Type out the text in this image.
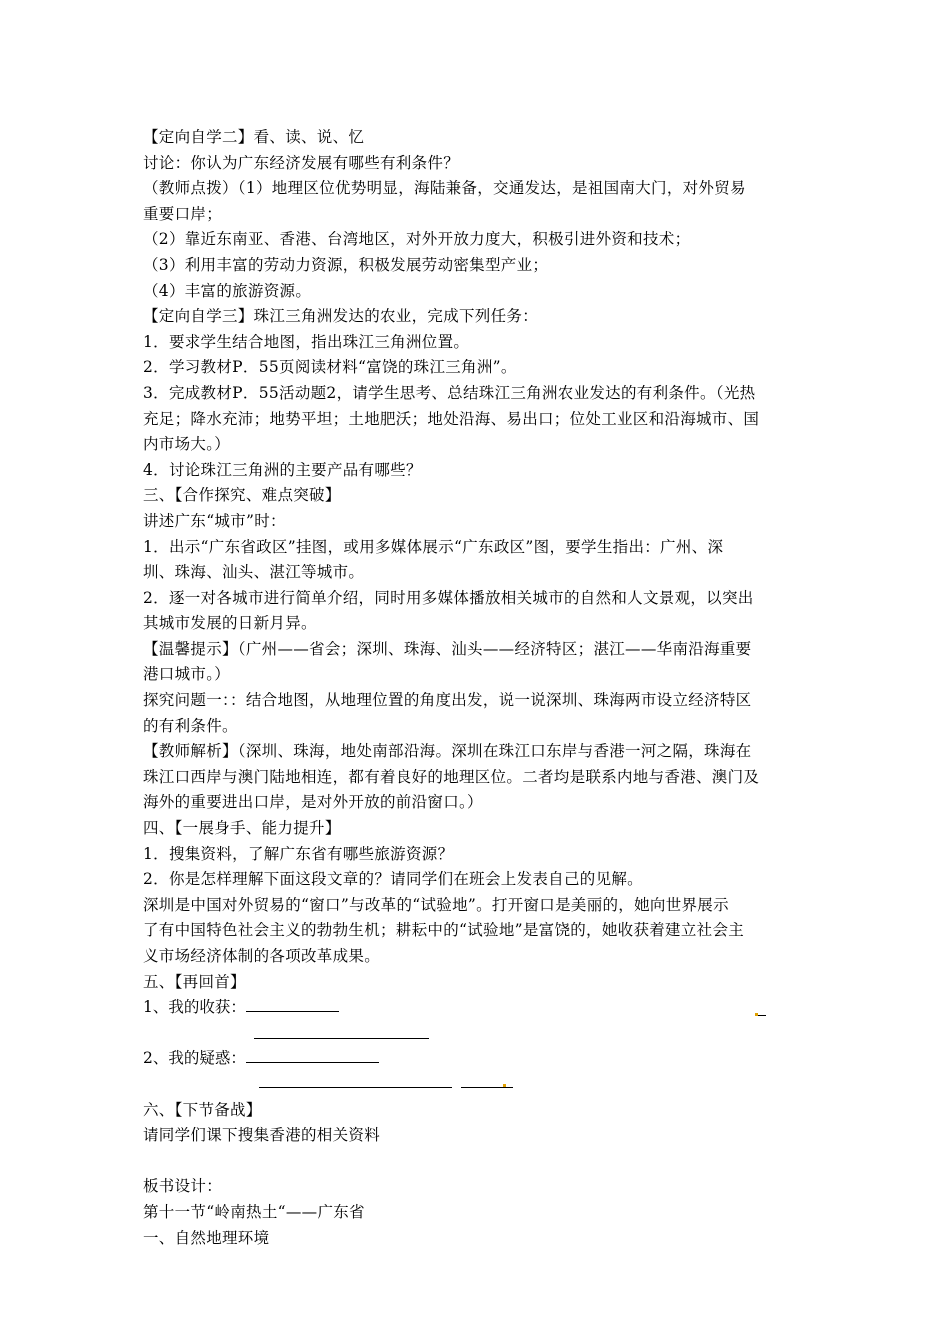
【定向自学二】看、读、说、忆
讨论：你认为广东经济发展有哪些有利条件？
（教师点拨）（1）地理区位优势明显，海陆兼备，交通发达，是祖国南大门，对外贸易
重要口岸；
（2）靠近东南亚、香港、台湾地区，对外开放力度大，积极引进外资和技术；
（3）利用丰富的劳动力资源，积极发展劳动密集型产业；
（4）丰富的旅游资源。
【定向自学三】珠江三角洲发达的农业，完成下列任务：
1．要求学生结合地图，指出珠江三角洲位置。
2．学习教材P．55页阅读材料“富饶的珠江三角洲”。
3．完成教材P．55活动题2，请学生思考、总结珠江三角洲农业发达的有利条件。（光热
充足；降水充沛；地势平坦；土地肥沃；地处沿海、易出口；位处工业区和沿海城市、国
内市场大。）
4．讨论珠江三角洲的主要产品有哪些？
三、【合作探究、难点突破】
讲述广东“城市”时：
1．出示“广东省政区”挂图，或用多媒体展示“广东政区”图，要学生指出：广州、深
圳、珠海、汕头、湛江等城市。
2．逐一对各城市进行简单介绍，同时用多媒体播放相关城市的自然和人文景观，以突出
其城市发展的日新月异。
【温馨提示】（广州——省会；深圳、珠海、汕头——经济特区；湛江——华南沿海重要
港口城市。）
探究问题一：：结合地图，从地理位置的角度出发，说一说深圳、珠海两市设立经济特区
的有利条件。
【教师解析】（深圳、珠海，地处南部沿海。深圳在珠江口东岸与香港一河之隔，珠海在
珠江口西岸与澳门陆地相连，都有着良好的地理区位。二者均是联系内地与香港、澳门及
海外的重要进出口岸，是对外开放的前沿窗口。）
四、【一展身手、能力提升】
1．搜集资料，了解广东省有哪些旅游资源？
2．你是怎样理解下面这段文章的？请同学们在班会上发表自己的见解。
深圳是中国对外贸易的“窗口”与改革的“试验地”。打开窗口是美丽的，她向世界展示
了有中国特色社会主义的勃勃生机；耕耘中的“试验地”是富饶的，她收获着建立社会主
义市场经济体制的各项改革成果。
五、【再回首】
1、我的收获：
2、我的疑惑：
六、【下节备战】
请同学们课下搜集香港的相关资料
板书设计：
第十一节“岭南热土“——广东省
一、自然地理环境
